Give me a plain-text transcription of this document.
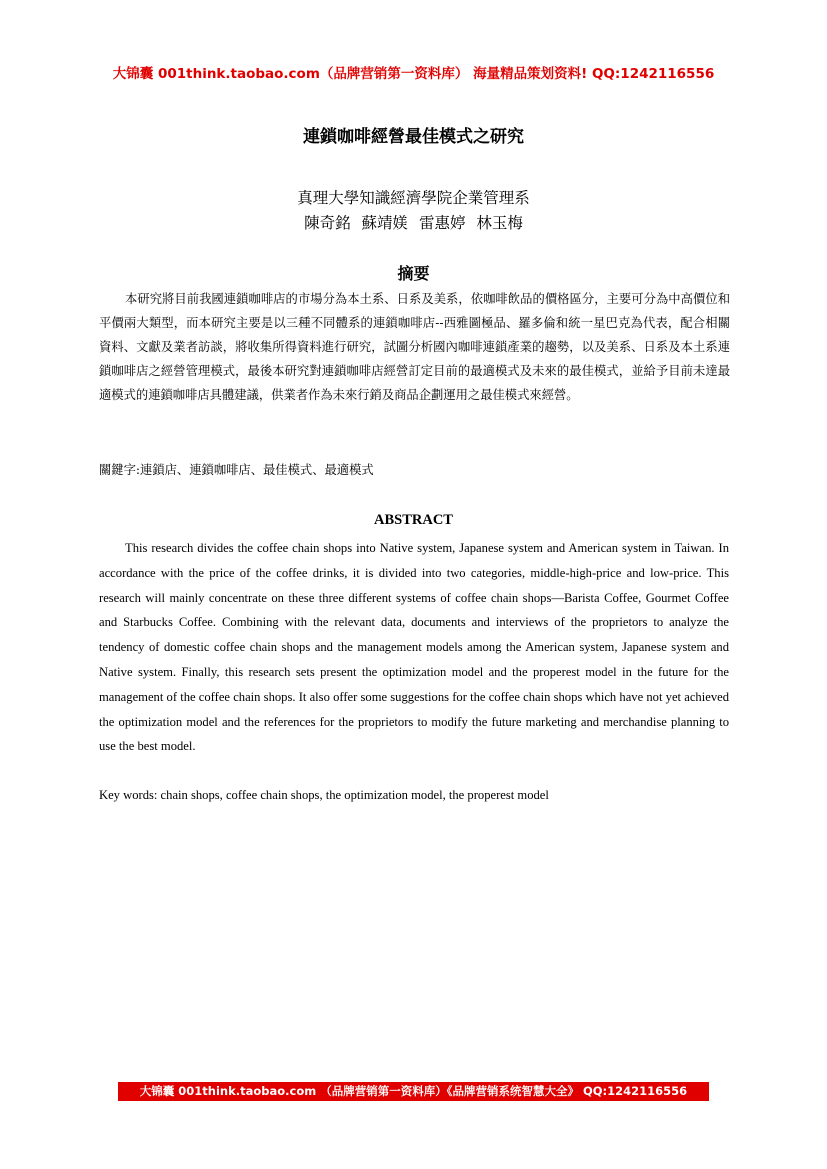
大锦囊 001think.taobao.com（品牌营销第一资料库） 海量精品策划资料! QQ:1242116556
連鎖咖啡經營最佳模式之研究
真理大學知識經濟學院企業管理系
陳奇銘 蘇靖媄 雷惠婷 林玉梅
摘要
本研究將目前我國連鎖咖啡店的市場分為本土系、日系及美系，依咖啡飲品的價格區分，主要可分為中高價位和平價兩大類型，而本研究主要是以三種不同體系的連鎖咖啡店--西雅圖極品、羅多倫和統一星巴克為代表，配合相關資料、文獻及業者訪談，將收集所得資料進行研究，試圖分析國內咖啡連鎖產業的趨勢，以及美系、日系及本土系連鎖咖啡店之經營管理模式，最後本研究對連鎖咖啡店經營訂定目前的最適模式及未來的最佳模式，並給予目前未達最適模式的連鎖咖啡店具體建議，供業者作為未來行銷及商品企劃運用之最佳模式來經營。
關鍵字:連鎖店、連鎖咖啡店、最佳模式、最適模式
ABSTRACT
This research divides the coffee chain shops into Native system, Japanese system and American system in Taiwan. In accordance with the price of the coffee drinks, it is divided into two categories, middle-high-price and low-price. This research will mainly concentrate on these three different systems of coffee chain shops—Barista Coffee, Gourmet Coffee and Starbucks Coffee. Combining with the relevant data, documents and interviews of the proprietors to analyze the tendency of domestic coffee chain shops and the management models among the American system, Japanese system and Native system. Finally, this research sets present the optimization model and the properest model in the future for the management of the coffee chain shops. It also offer some suggestions for the coffee chain shops which have not yet achieved the optimization model and the references for the proprietors to modify the future marketing and merchandise planning to use the best model.
Key words: chain shops, coffee chain shops, the optimization model, the properest model
大锦囊 001think.taobao.com （品牌营销第一资料库）《品牌营销系统智慧大全》 QQ:1242116556
